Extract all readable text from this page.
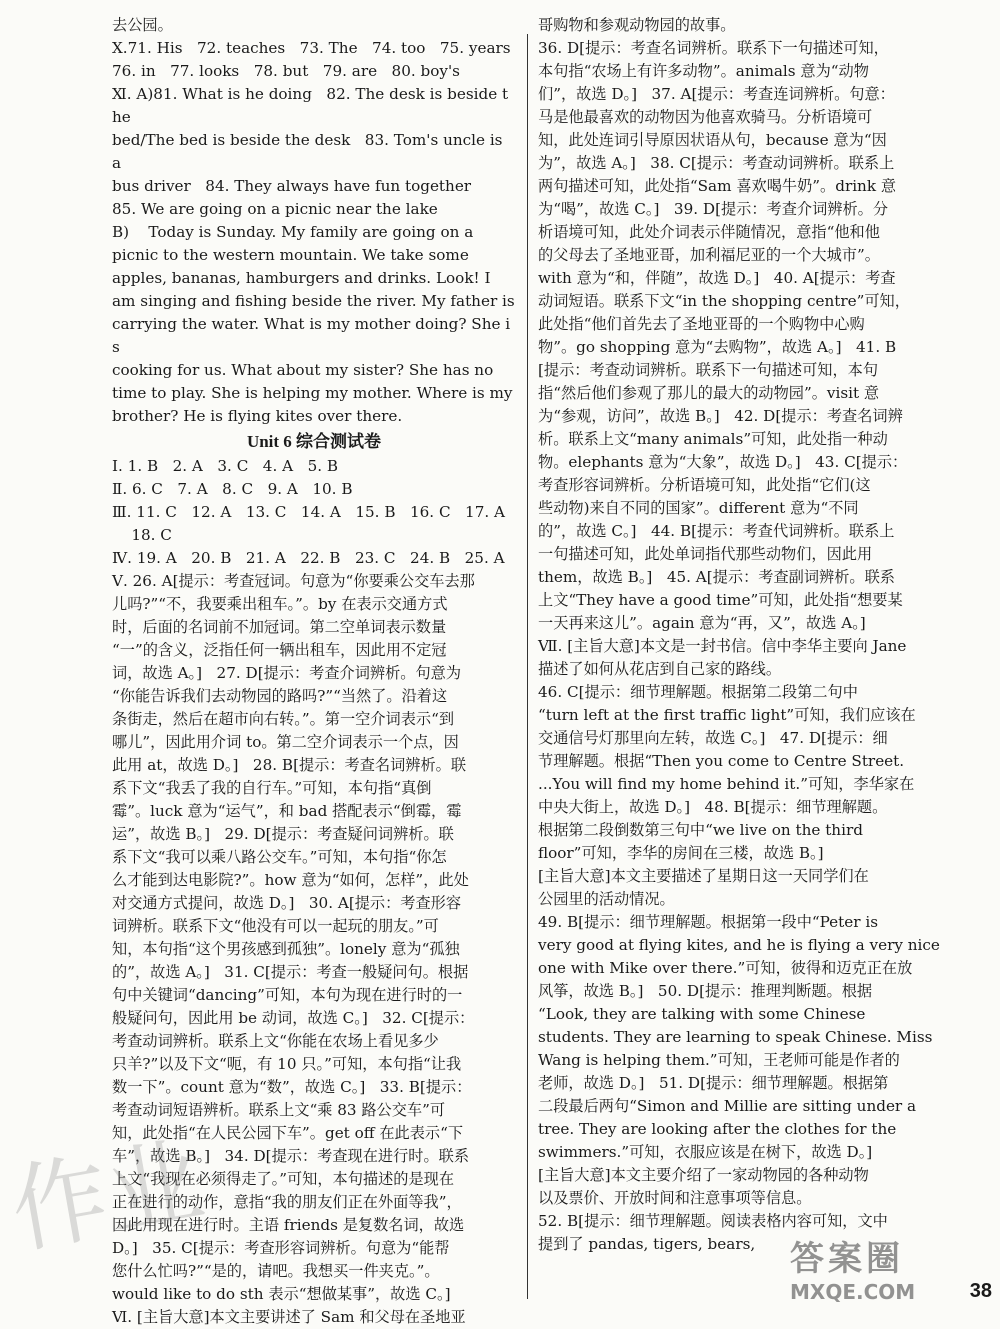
去公园。
Ⅹ.71. His   72. teaches   73. The   74. too   75. years
76. in   77. looks   78. but   79. are   80. boy's
Ⅺ. A)81. What is he doing   82. The desk is beside the
bed/The bed is beside the desk   83. Tom's uncle is a
bus driver   84. They always have fun together
85. We are going on a picnic near the lake
B)    Today is Sunday. My family are going on a
picnic to the western mountain. We take some
apples, bananas, hamburgers and drinks. Look! I
am singing and fishing beside the river. My father is
carrying the water. What is my mother doing? She is
cooking for us. What about my sister? She has no
time to play. She is helping my mother. Where is my
brother? He is flying kites over there.
Unit 6 综合测试卷
Ⅰ. 1. B   2. A   3. C   4. A   5. B
Ⅱ. 6. C   7. A   8. C   9. A   10. B
Ⅲ. 11. C   12. A   13. C   14. A   15. B   16. C   17. A
18. C
Ⅳ. 19. A   20. B   21. A   22. B   23. C   24. B   25. A
Ⅴ. 26. A[提示：考查冠词。句意为“你要乘公交车去那
儿吗?”“不，我要乘出租车。”。by 在表示交通方式
时，后面的名词前不加冠词。第二空单词表示数量
“一”的含义，泛指任何一辆出租车，因此用不定冠
词，故选 A。]   27. D[提示：考查介词辨析。句意为
“你能告诉我们去动物园的路吗?”“当然了。沿着这
条街走，然后在超市向右转。”。第一空介词表示“到
哪儿”，因此用介词 to。第二空介词表示一个点，因
此用 at，故选 D。]   28. B[提示：考查名词辨析。联
系下文“我丢了我的自行车。”可知，本句指“真倒
霉”。luck 意为“运气”，和 bad 搭配表示“倒霉，霉
运”，故选 B。]   29. D[提示：考查疑问词辨析。联
系下文“我可以乘八路公交车。”可知，本句指“你怎
么才能到达电影院?”。how 意为“如何，怎样”，此处
对交通方式提问，故选 D。]   30. A[提示：考查形容
词辨析。联系下文“他没有可以一起玩的朋友。”可
知，本句指“这个男孩感到孤独”。lonely 意为“孤独
的”，故选 A。]   31. C[提示：考查一般疑问句。根据
句中关键词“dancing”可知，本句为现在进行时的一
般疑问句，因此用 be 动词，故选 C。]   32. C[提示：
考查动词辨析。联系上文“你能在农场上看见多少
只羊?”以及下文“呃，有 10 只。”可知，本句指“让我
数一下”。count 意为“数”，故选 C。]   33. B[提示：
考查动词短语辨析。联系上文“乘 83 路公交车”可
知，此处指“在人民公园下车”。get off 在此表示“下
车”，故选 B。]   34. D[提示：考查现在进行时。联系
上文“我现在必须得走了。”可知，本句描述的是现在
正在进行的动作，意指“我的朋友们正在外面等我”，
因此用现在进行时。主语 friends 是复数名词，故选
D。]   35. C[提示：考查形容词辨析。句意为“能帮
您什么忙吗?”“是的，请吧。我想买一件夹克。”。
would like to do sth 表示“想做某事”，故选 C。]
Ⅵ. [主旨大意]本文主要讲述了 Sam 和父母在圣地亚
哥购物和参观动物园的故事。
36. D[提示：考查名词辨析。联系下一句描述可知，
本句指“农场上有许多动物”。animals 意为“动物
们”，故选 D。]   37. A[提示：考查连词辨析。句意：
马是他最喜欢的动物因为他喜欢骑马。分析语境可
知，此处连词引导原因状语从句，because 意为“因
为”，故选 A。]   38. C[提示：考查动词辨析。联系上
两句描述可知，此处指“Sam 喜欢喝牛奶”。drink 意
为“喝”，故选 C。]   39. D[提示：考查介词辨析。分
析语境可知，此处介词表示伴随情况，意指“他和他
的父母去了圣地亚哥，加利福尼亚的一个大城市”。
with 意为“和，伴随”，故选 D。]   40. A[提示：考查
动词短语。联系下文“in the shopping centre”可知，
此处指“他们首先去了圣地亚哥的一个购物中心购
物”。go shopping 意为“去购物”，故选 A。]   41. B
[提示：考查动词辨析。联系下一句描述可知，本句
指“然后他们参观了那儿的最大的动物园”。visit 意
为“参观，访问”，故选 B。]   42. D[提示：考查名词辨
析。联系上文“many animals”可知，此处指一种动
物。elephants 意为“大象”，故选 D。]   43. C[提示：
考查形容词辨析。分析语境可知，此处指“它们(这
些动物)来自不同的国家”。different 意为“不同
的”，故选 C。]   44. B[提示：考查代词辨析。联系上
一句描述可知，此处单词指代那些动物们，因此用
them，故选 B。]   45. A[提示：考查副词辨析。联系
上文“They have a good time”可知，此处指“想要某
一天再来这儿”。again 意为“再，又”，故选 A。]
Ⅶ. [主旨大意]本文是一封书信。信中李华主要向 Jane
描述了如何从花店到自己家的路线。
46. C[提示：细节理解题。根据第二段第二句中
“turn left at the first traffic light”可知，我们应该在
交通信号灯那里向左转，故选 C。]   47. D[提示：细
节理解题。根据“Then you come to Centre Street.
...You will find my home behind it.”可知，李华家在
中央大街上，故选 D。]   48. B[提示：细节理解题。
根据第二段倒数第三句中“we live on the third
floor”可知，李华的房间在三楼，故选 B。]
[主旨大意]本文主要描述了星期日这一天同学们在
公园里的活动情况。
49. B[提示：细节理解题。根据第一段中“Peter is
very good at flying kites, and he is flying a very nice
one with Mike over there.”可知，彼得和迈克正在放
风筝，故选 B。]   50. D[提示：推理判断题。根据
“Look, they are talking with some Chinese
students. They are learning to speak Chinese. Miss
Wang is helping them.”可知，王老师可能是作者的
老师，故选 D。]   51. D[提示：细节理解题。根据第
二段最后两句“Simon and Millie are sitting under a
tree. They are looking after the clothes for the
swimmers.”可知，衣服应该是在树下，故选 D。]
[主旨大意]本文主要介绍了一家动物园的各种动物
以及票价、开放时间和注意事项等信息。
52. B[提示：细节理解题。阅读表格内容可知，文中
提到了 pandas, tigers, bears,
作业	答案圈
MXQE.COM	38
